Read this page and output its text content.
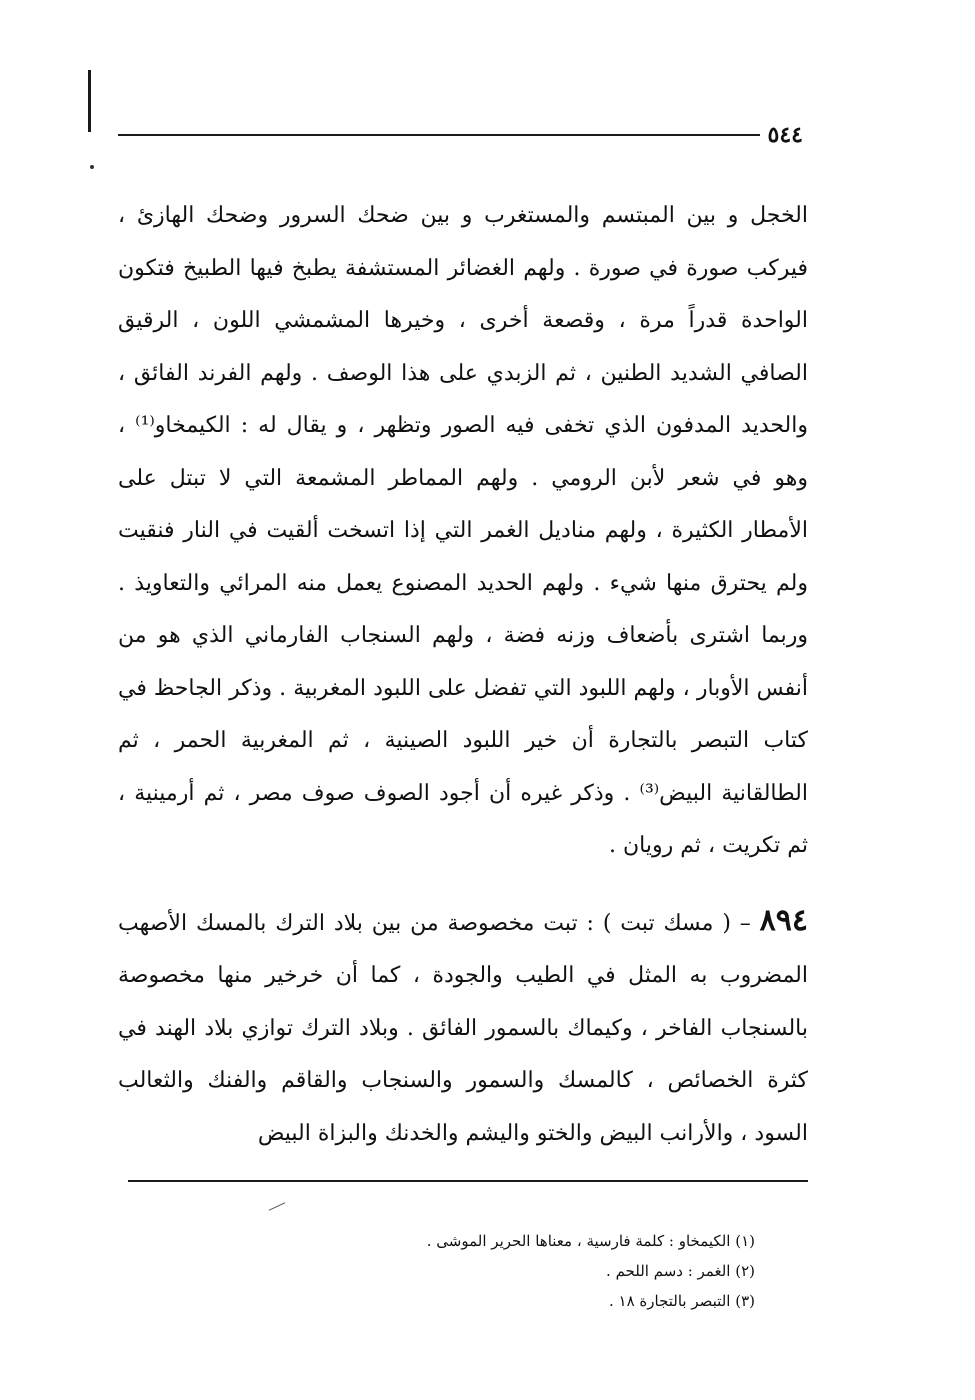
٥٤٤

الخجل و بين المبتسم والمستغرب و بين ضحك السرور وضحك الهازئ ، فيركب صورة في صورة . ولهم الغضائر المستشفة يطبخ فيها الطبيخ فتكون الواحدة قدراً مرة ، وقصعة أخرى ، وخيرها المشمشي اللون ، الرقيق الصافي الشديد الطنين ، ثم الزبدي على هذا الوصف . ولهم الفرند الفائق ، والحديد المدفون الذي تخفى فيه الصور وتظهر ، و يقال له : الكيمخاو⁽¹⁾ ، وهو في شعر لأبن الرومي . ولهم المماطر المشمعة التي لا تبتل على الأمطار الكثيرة ، ولهم مناديل الغمر التي إذا اتسخت ألقيت في النار فنقيت ولم يحترق منها شيء . ولهم الحديد المصنوع يعمل منه المرائي والتعاويذ . وربما اشترى بأضعاف وزنه فضة ، ولهم السنجاب الفارماني الذي هو من أنفس الأوبار ، ولهم اللبود التي تفضل على اللبود المغربية . وذكر الجاحظ في كتاب التبصر بالتجارة أن خير اللبود الصينية ، ثم المغربية الحمر ، ثم الطالقانية البيض⁽³⁾ . وذكر غيره أن أجود الصوف صوف مصر ، ثم أرمينية ، ثم تكريت ، ثم رويان .

٨٩٤ – ( مسك تبت ) : تبت مخصوصة من بين بلاد الترك بالمسك الأصهب المضروب به المثل في الطيب والجودة ، كما أن خرخير منها مخصوصة بالسنجاب الفاخر ، وكيماك بالسمور الفائق . وبلاد الترك توازي بلاد الهند في كثرة الخصائص ، كالمسك والسمور والسنجاب والقاقم والفنك والثعالب السود ، والأرانب البيض والختو واليشم والخدنك والبزاة البيض

(١) الكيمخاو : كلمة فارسية ، معناها الحرير الموشى .

(٢) الغمر : دسم اللحم .

(٣) التبصر بالتجارة ١٨ .
